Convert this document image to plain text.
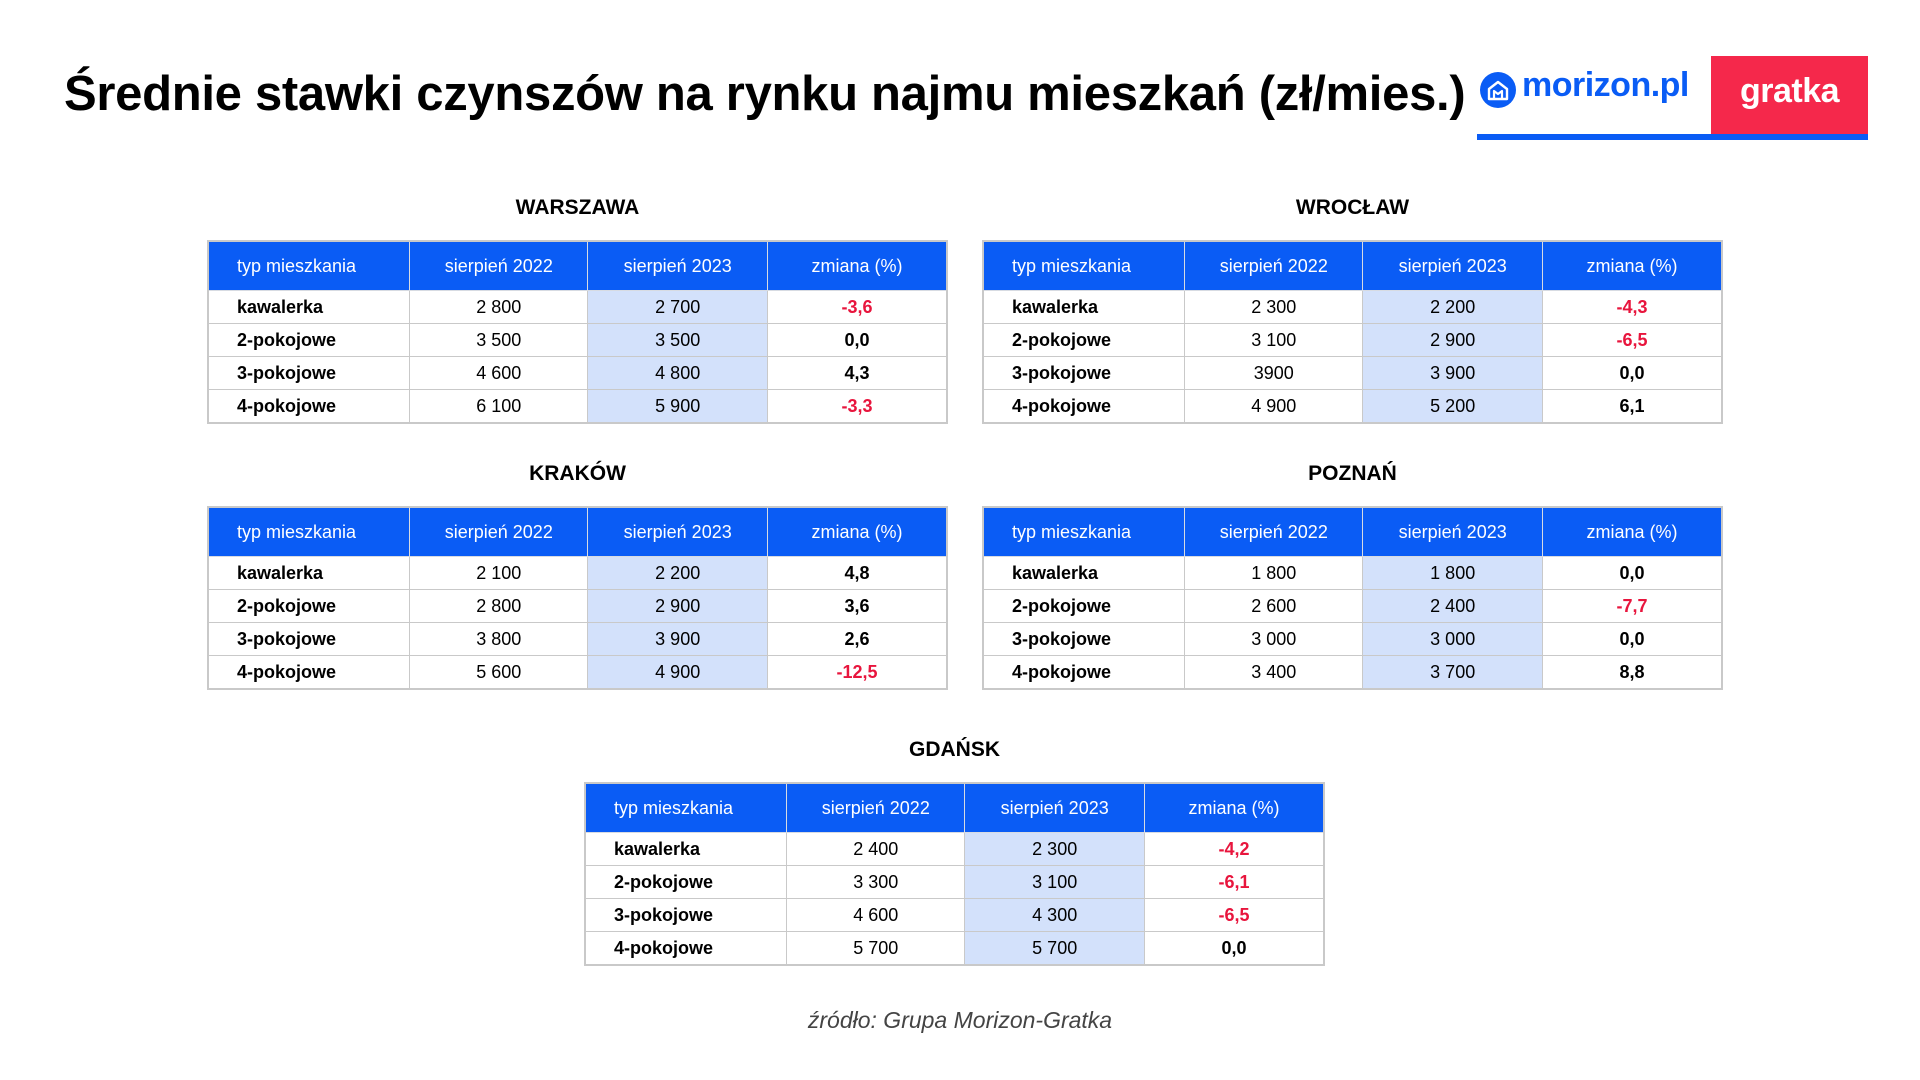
Średnie stawki czynszów na rynku najmu mieszkań (zł/mies.) morizon.pl	gratka
WARSZAWA
typ mieszkania	sierpień 2022	sierpień 2023	zmiana (%)
kawalerka	2 800	2 700	-3,6
2-pokojowe	3 500	3 500	0,0
3-pokojowe	4 600	4 800	4,3
4-pokojowe	6 100	5 900	-3,3
WROCŁAW
typ mieszkania	sierpień 2022	sierpień 2023	zmiana (%)
kawalerka	2 300	2 200	-4,3
2-pokojowe	3 100	2 900	-6,5
3-pokojowe	3900	3 900	0,0
4-pokojowe	4 900	5 200	6,1
KRAKÓW
typ mieszkania	sierpień 2022	sierpień 2023	zmiana (%)
kawalerka	2 100	2 200	4,8
2-pokojowe	2 800	2 900	3,6
3-pokojowe	3 800	3 900	2,6
4-pokojowe	5 600	4 900	-12,5
POZNAŃ
typ mieszkania	sierpień 2022	sierpień 2023	zmiana (%)
kawalerka	1 800	1 800	0,0
2-pokojowe	2 600	2 400	-7,7
3-pokojowe	3 000	3 000	0,0
4-pokojowe	3 400	3 700	8,8
GDAŃSK
typ mieszkania	sierpień 2022	sierpień 2023	zmiana (%)
kawalerka	2 400	2 300	-4,2
2-pokojowe	3 300	3 100	-6,1
3-pokojowe	4 600	4 300	-6,5
4-pokojowe	5 700	5 700	0,0
źródło: Grupa Morizon-Gratka
